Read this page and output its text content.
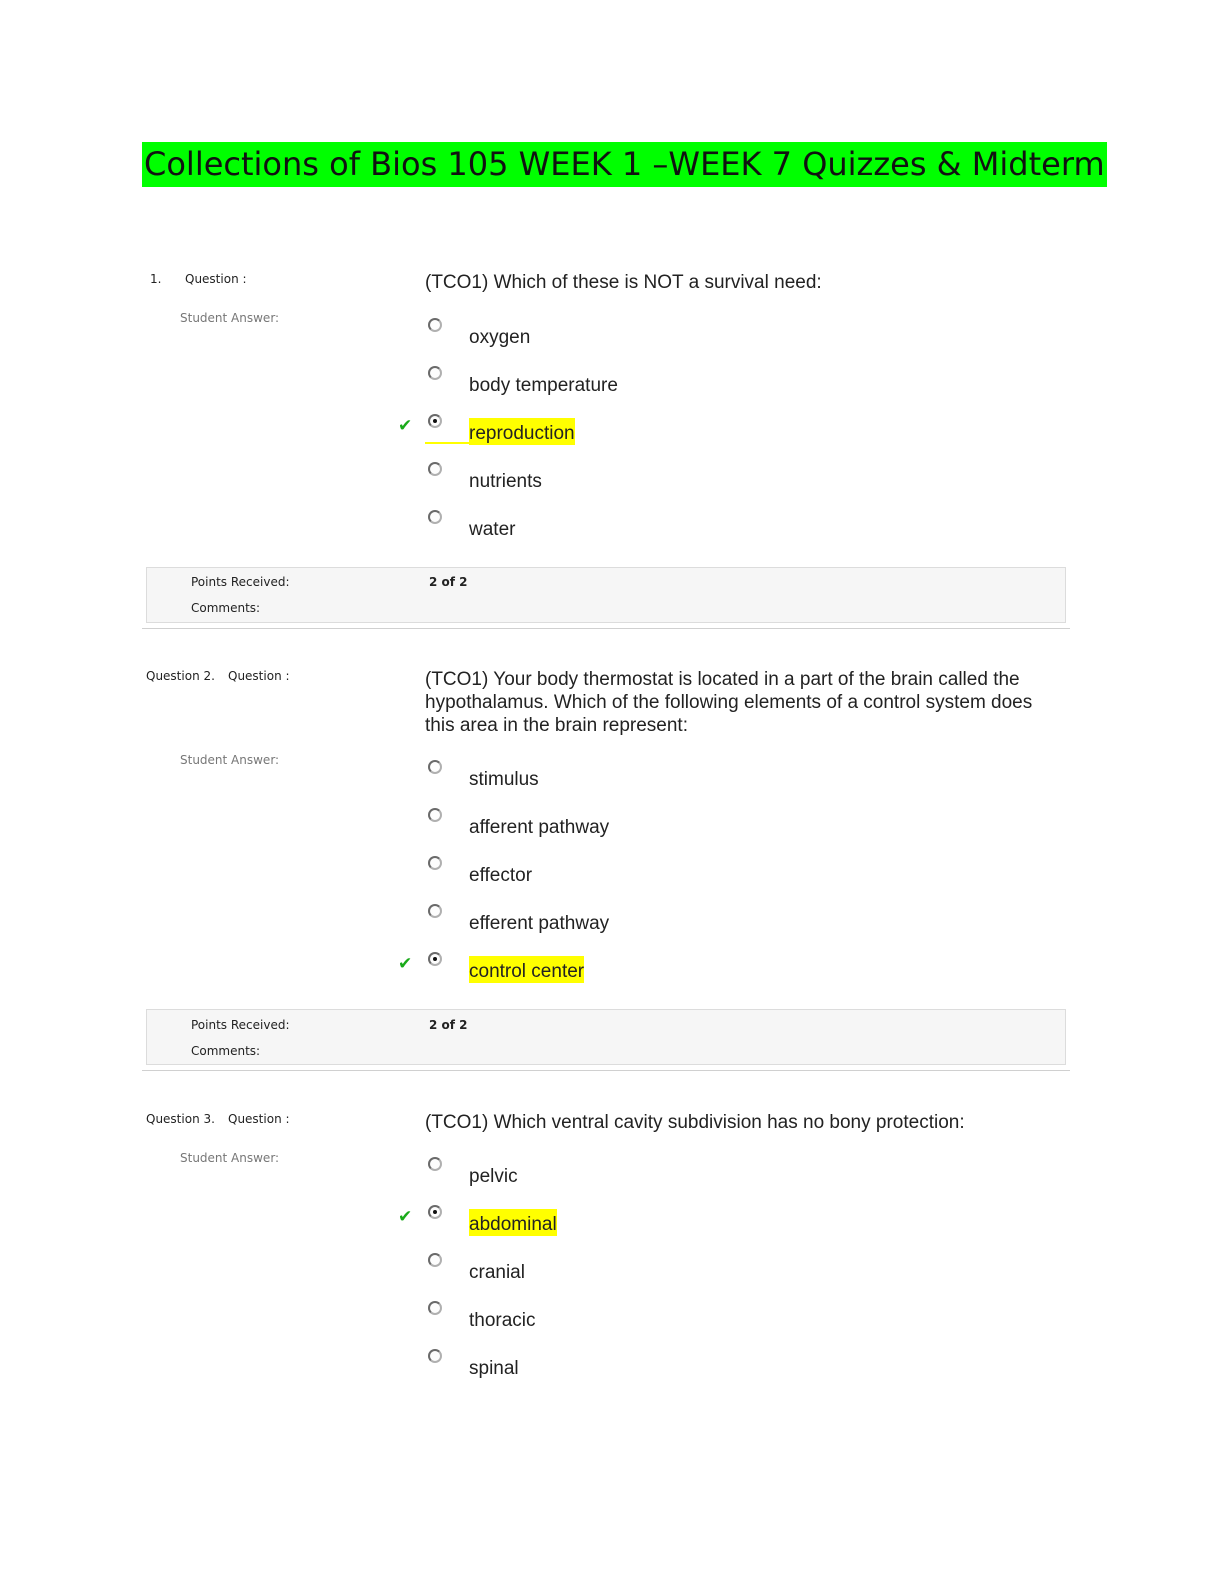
Collections of Bios 105 WEEK 1 –WEEK 7 Quizzes & Midterm
1. Question :	(TCO1) Which of these is NOT a survival need:
Student Answer:
oxygen
body temperature
✔	reproduction
nutrients
water
Points Received:	2 of 2
Comments:
Question 2. Question :	(TCO1) Your body thermostat is located in a part of the brain called the hypothalamus. Which of the following elements of a control system does this area in the brain represent:
Student Answer:
stimulus
afferent pathway
effector
efferent pathway
✔	control center
Points Received:	2 of 2
Comments:
Question 3. Question :	(TCO1) Which ventral cavity subdivision has no bony protection:
Student Answer:
pelvic
✔	abdominal
cranial
thoracic
spinal
